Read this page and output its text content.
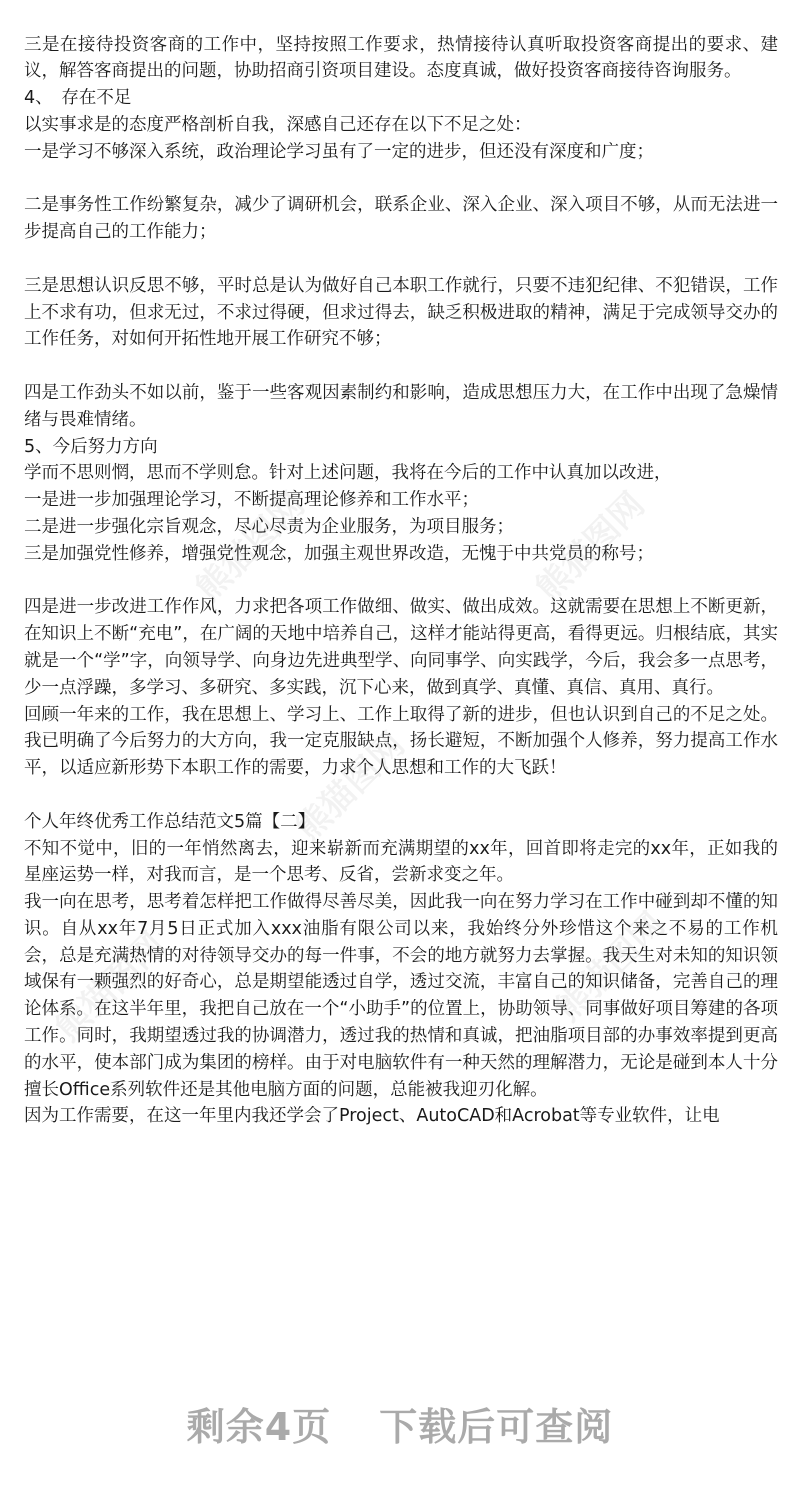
三是在接待投资客商的工作中，坚持按照工作要求，热情接待认真听取投资客商提出的要求、建议，解答客商提出的问题，协助招商引资项目建设。态度真诚，做好投资客商接待咨询服务。

4、　存在不足

以实事求是的态度严格剖析自我，深感自己还存在以下不足之处：

一是学习不够深入系统，政治理论学习虽有了一定的进步，但还没有深度和广度；

二是事务性工作纷繁复杂，减少了调研机会，联系企业、深入企业、深入项目不够，从而无法进一步提高自己的工作能力；

三是思想认识反思不够，平时总是认为做好自己本职工作就行，只要不违犯纪律、不犯错误，工作上不求有功，但求无过，不求过得硬，但求过得去，缺乏积极进取的精神，满足于完成领导交办的工作任务，对如何开拓性地开展工作研究不够；

四是工作劲头不如以前，鉴于一些客观因素制约和影响，造成思想压力大，在工作中出现了急燥情绪与畏难情绪。

5、今后努力方向

学而不思则惘，思而不学则怠。针对上述问题，我将在今后的工作中认真加以改进，

一是进一步加强理论学习，不断提高理论修养和工作水平；

二是进一步强化宗旨观念，尽心尽责为企业服务，为项目服务；

三是加强党性修养，增强党性观念，加强主观世界改造，无愧于中共党员的称号；

四是进一步改进工作作风，力求把各项工作做细、做实、做出成效。这就需要在思想上不断更新，在知识上不断“充电”，在广阔的天地中培养自己，这样才能站得更高，看得更远。归根结底，其实就是一个“学”字，向领导学、向身边先进典型学、向同事学、向实践学，今后，我会多一点思考，少一点浮躁，多学习、多研究、多实践，沉下心来，做到真学、真懂、真信、真用、真行。

回顾一年来的工作，我在思想上、学习上、工作上取得了新的进步，但也认识到自己的不足之处。我已明确了今后努力的大方向，我一定克服缺点，扬长避短，不断加强个人修养，努力提高工作水平，以适应新形势下本职工作的需要，力求个人思想和工作的大飞跃！

个人年终优秀工作总结范文5篇【二】

不知不觉中，旧的一年悄然离去，迎来崭新而充满期望的xx年，回首即将走完的xx年，正如我的星座运势一样，对我而言，是一个思考、反省，尝新求变之年。

我一向在思考，思考着怎样把工作做得尽善尽美，因此我一向在努力学习在工作中碰到却不懂的知识。自从xx年7月5日正式加入xxx油脂有限公司以来，我始终分外珍惜这个来之不易的工作机会，总是充满热情的对待领导交办的每一件事，不会的地方就努力去掌握。我天生对未知的知识领域保有一颗强烈的好奇心，总是期望能透过自学，透过交流，丰富自己的知识储备，完善自己的理论体系。在这半年里，我把自己放在一个“小助手”的位置上，协助领导、同事做好项目筹建的各项工作。同时，我期望透过我的协调潜力，透过我的热情和真诚，把油脂项目部的办事效率提到更高的水平，使本部门成为集团的榜样。由于对电脑软件有一种天然的理解潜力，无论是碰到本人十分擅长Office系列软件还是其他电脑方面的问题，总能被我迎刃化解。

因为工作需要，在这一年里内我还学会了Project、AutoCAD和Acrobat等专业软件，让电

熊猫图网	熊猫图网
熊猫图网
熊猫图网
熊猫图网
剩余4页 下载后可查阅
